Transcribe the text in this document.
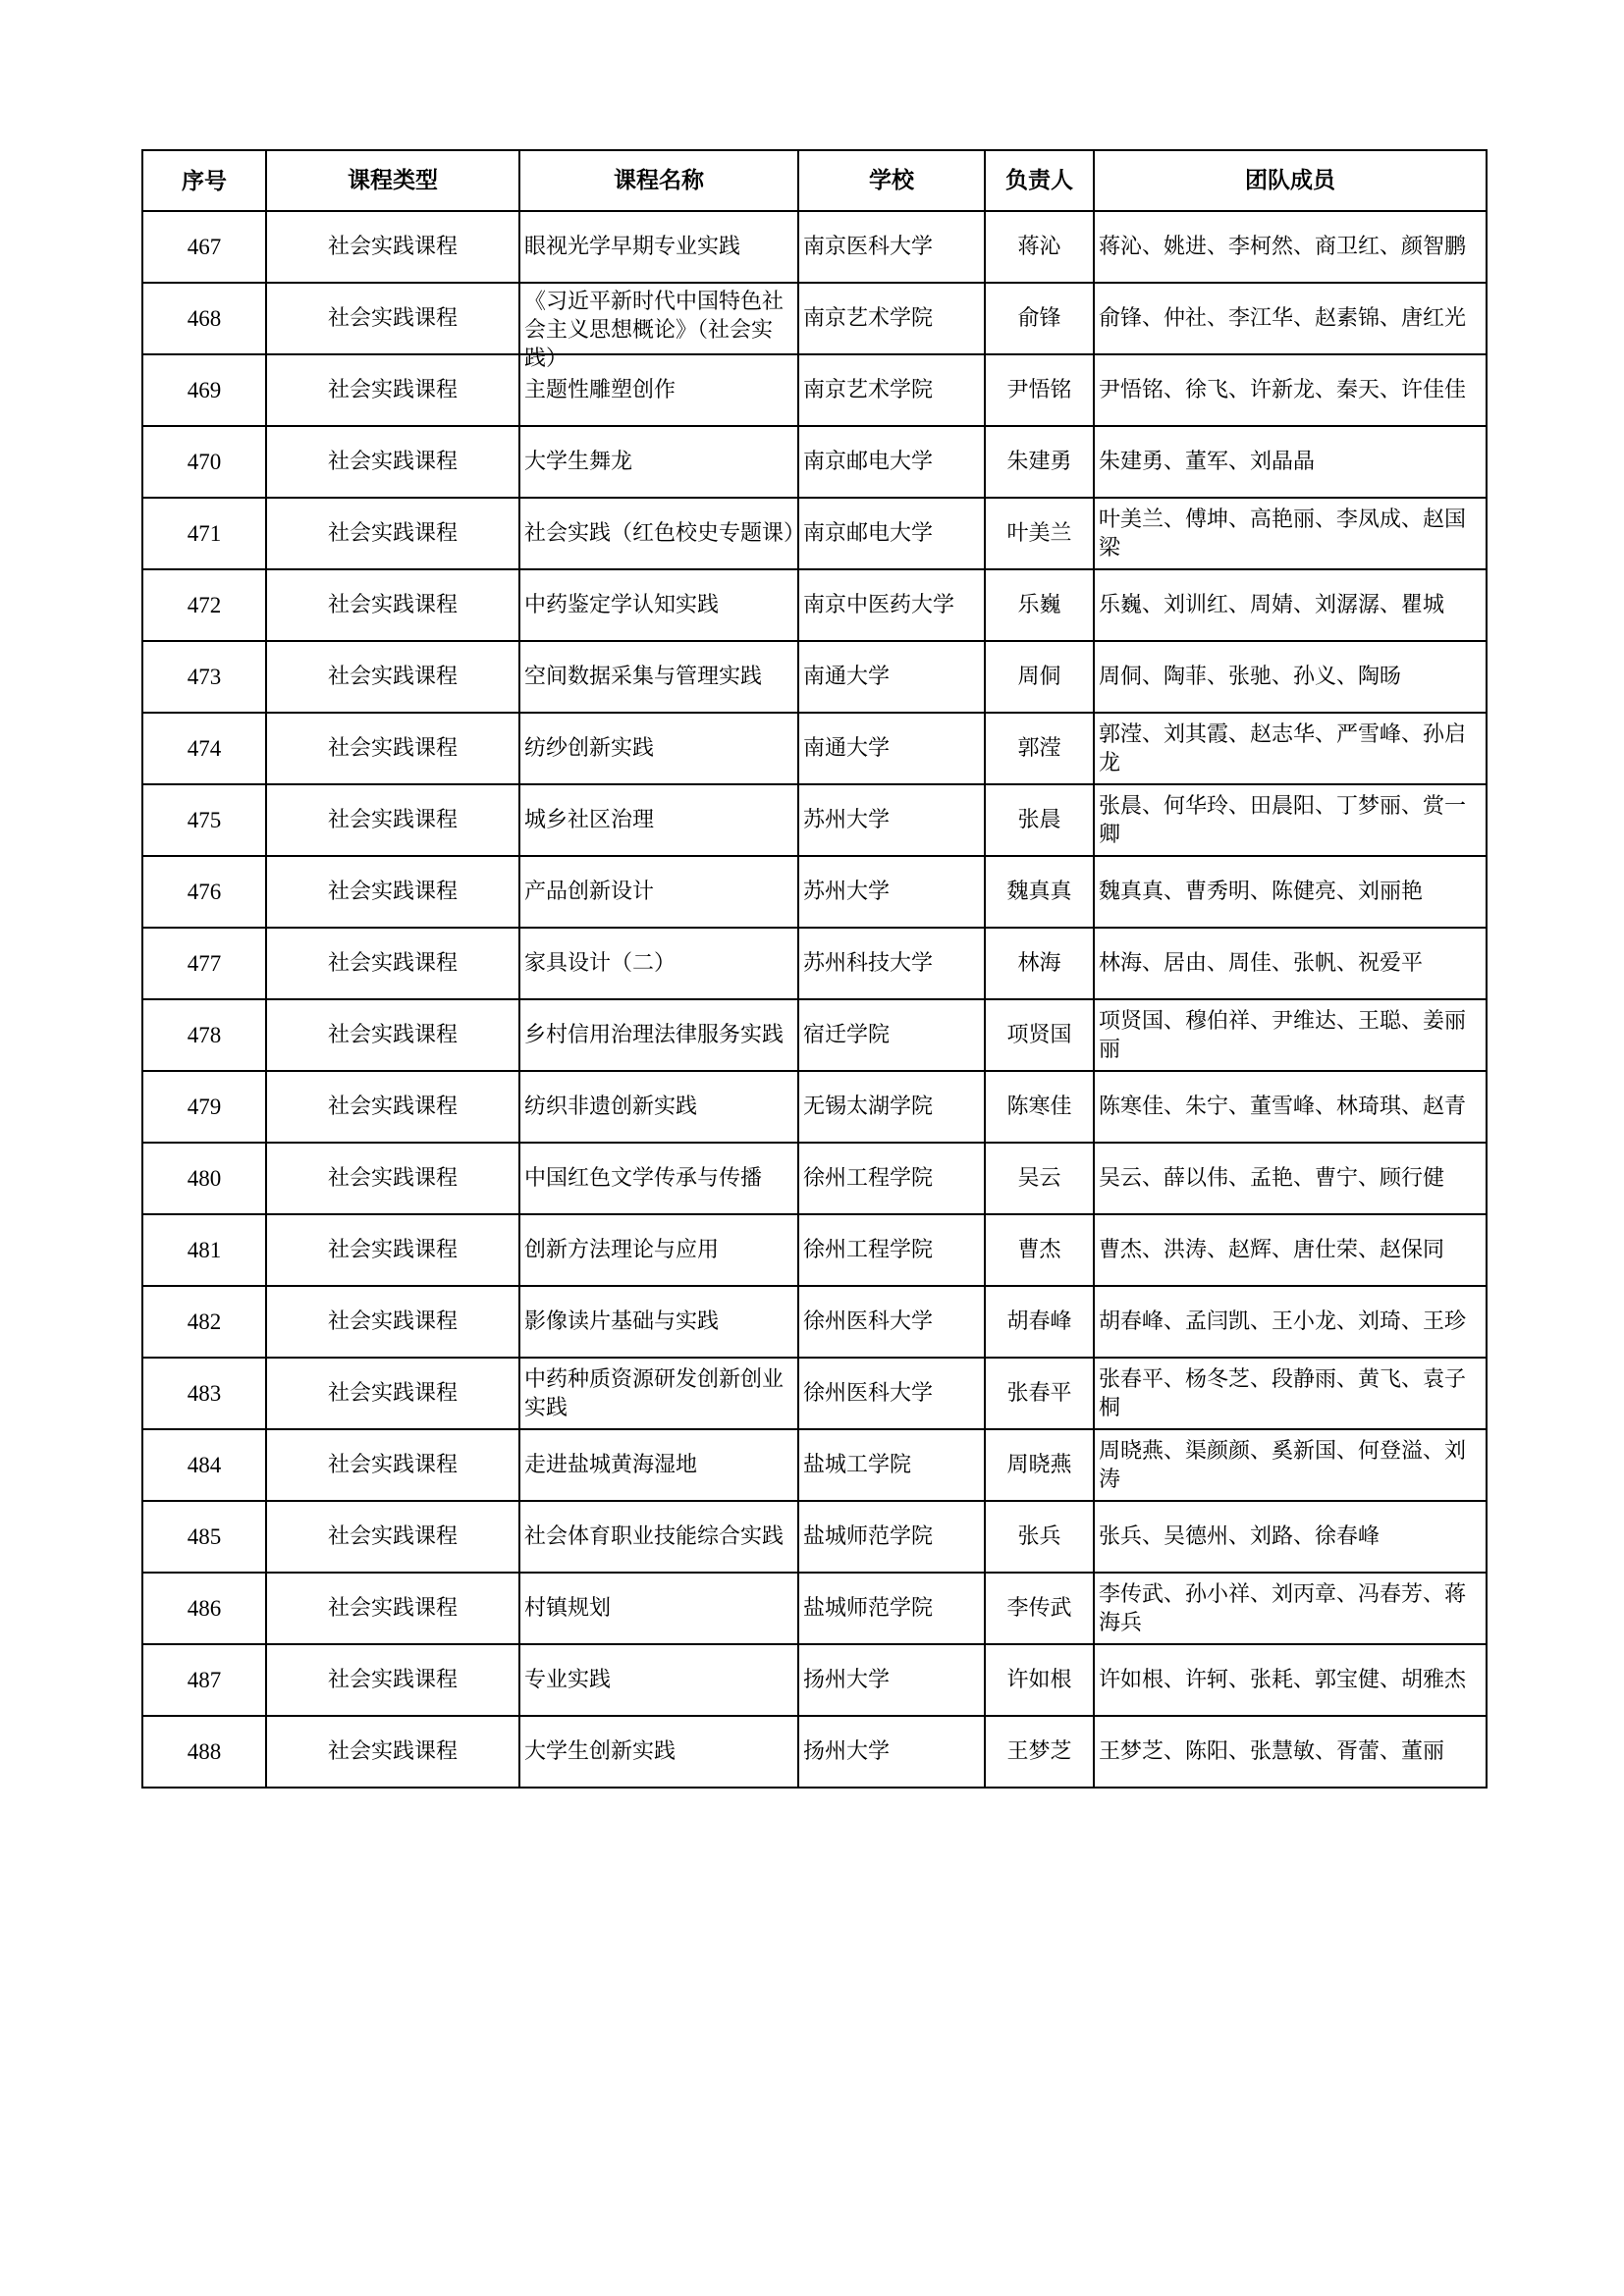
序号	课程类型	课程名称	学校	负责人	团队成员

467	社会实践课程	眼视光学早期专业实践	南京医科大学	蒋沁	蒋沁、姚进、李柯然、商卫红、颜智鹏

468	社会实践课程	《习近平新时代中国特色社会主义思想概论》（社会实践）	南京艺术学院	俞锋	俞锋、仲社、李江华、赵素锦、唐红光

469	社会实践课程	主题性雕塑创作	南京艺术学院	尹悟铭	尹悟铭、徐飞、许新龙、秦天、许佳佳

470	社会实践课程	大学生舞龙	南京邮电大学	朱建勇	朱建勇、董军、刘晶晶

471	社会实践课程	社会实践（红色校史专题课）	南京邮电大学	叶美兰	叶美兰、傅坤、高艳丽、李凤成、赵国梁

472	社会实践课程	中药鉴定学认知实践	南京中医药大学	乐巍	乐巍、刘训红、周婧、刘潺潺、瞿城

473	社会实践课程	空间数据采集与管理实践	南通大学	周侗	周侗、陶菲、张驰、孙义、陶旸

474	社会实践课程	纺纱创新实践	南通大学	郭滢	郭滢、刘其霞、赵志华、严雪峰、孙启龙

475	社会实践课程	城乡社区治理	苏州大学	张晨	张晨、何华玲、田晨阳、丁梦丽、赏一卿

476	社会实践课程	产品创新设计	苏州大学	魏真真	魏真真、曹秀明、陈健亮、刘丽艳

477	社会实践课程	家具设计（二）	苏州科技大学	林海	林海、居由、周佳、张帆、祝爱平

478	社会实践课程	乡村信用治理法律服务实践	宿迁学院	项贤国	项贤国、穆伯祥、尹维达、王聪、姜丽丽

479	社会实践课程	纺织非遗创新实践	无锡太湖学院	陈寒佳	陈寒佳、朱宁、董雪峰、林琦琪、赵青

480	社会实践课程	中国红色文学传承与传播	徐州工程学院	吴云	吴云、薛以伟、孟艳、曹宁、顾行健

481	社会实践课程	创新方法理论与应用	徐州工程学院	曹杰	曹杰、洪涛、赵辉、唐仕荣、赵保同

482	社会实践课程	影像读片基础与实践	徐州医科大学	胡春峰	胡春峰、孟闫凯、王小龙、刘琦、王珍

483	社会实践课程	中药种质资源研发创新创业实践	徐州医科大学	张春平	张春平、杨冬芝、段静雨、黄飞、袁子桐

484	社会实践课程	走进盐城黄海湿地	盐城工学院	周晓燕	周晓燕、渠颜颜、奚新国、何登溢、刘涛

485	社会实践课程	社会体育职业技能综合实践	盐城师范学院	张兵	张兵、吴德州、刘路、徐春峰

486	社会实践课程	村镇规划	盐城师范学院	李传武	李传武、孙小祥、刘丙章、冯春芳、蒋海兵

487	社会实践课程	专业实践	扬州大学	许如根	许如根、许轲、张耗、郭宝健、胡雅杰

488	社会实践课程	大学生创新实践	扬州大学	王梦芝	王梦芝、陈阳、张慧敏、胥蕾、董丽
